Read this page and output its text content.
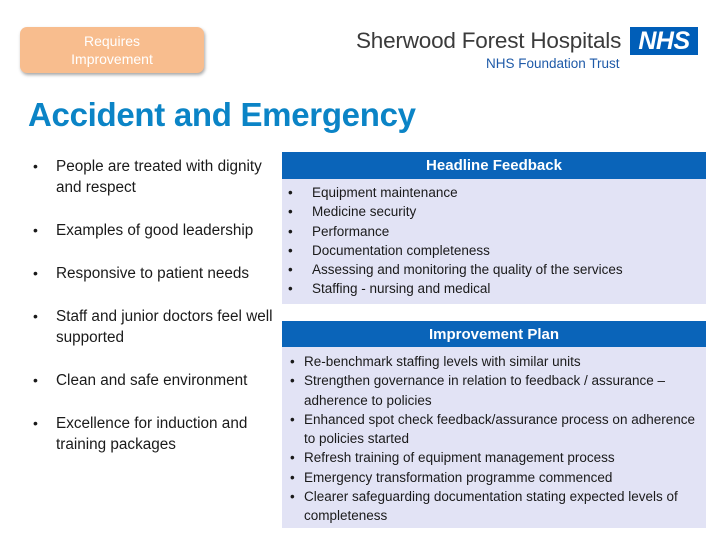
Requires
Improvement
Sherwood Forest Hospitals NHS
NHS Foundation Trust
Accident and Emergency
• People are treated with dignity and respect
• Examples of good leadership
• Responsive to patient needs
• Staff and junior doctors feel well supported
• Clean and safe environment
• Excellence for induction and training packages
Headline Feedback
• Equipment maintenance
• Medicine security
• Performance
• Documentation completeness
• Assessing and monitoring the quality of the services
• Staffing - nursing and medical
Improvement Plan
• Re-benchmark staffing levels with similar units
• Strengthen governance in relation to feedback / assurance – adherence to policies
• Enhanced spot check feedback/assurance process on adherence to policies started
• Refresh training of equipment management process
• Emergency transformation programme commenced
• Clearer safeguarding documentation stating expected levels of completeness
